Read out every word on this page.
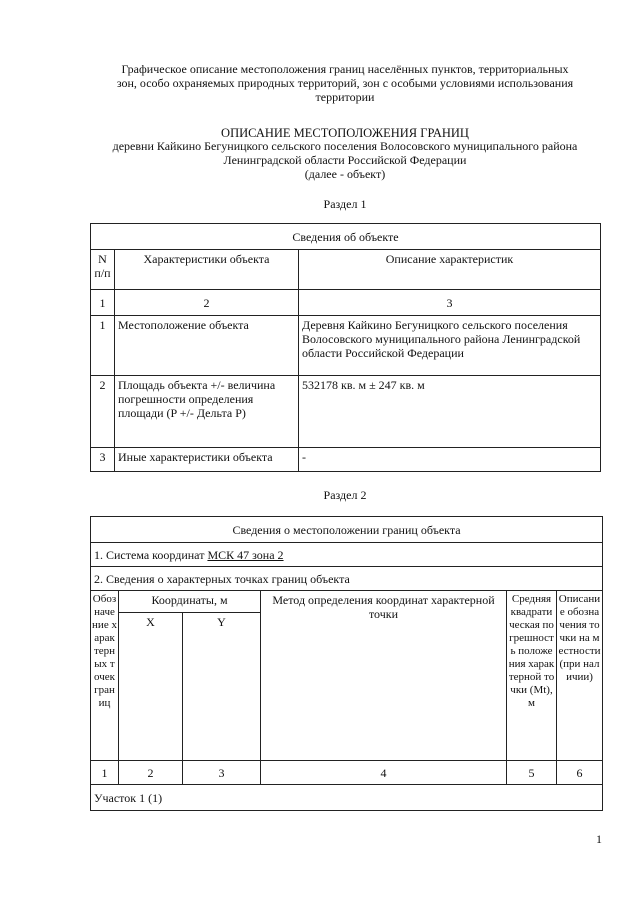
Графическое описание местоположения границ населённых пунктов, территориальных
зон, особо охраняемых природных территорий, зон с особыми условиями использования
территории
ОПИСАНИЕ МЕСТОПОЛОЖЕНИЯ ГРАНИЦ
деревни Кайкино Бегуницкого сельского поселения Волосовского муниципального района
Ленинградской области Российской Федерации
(далее - объект)
Раздел 1
Сведения об объекте		
N п/п	Характеристики объекта	Описание характеристик
1	2	3
1	Местоположение объекта	Деревня Кайкино Бегуницкого сельского поселения Волосовского муниципального района Ленинградской области Российской Федерации
2	Площадь объекта +/- величина погрешности определения площади (P +/- Дельта P)	532178 кв. м ± 247 кв. м
3	Иные характеристики объекта	-
Раздел 2
Сведения о местоположении границ объекта					
1. Система координат МСК 47 зона 2					
2. Сведения о характерных точках границ объекта					
Обозначение характерных точек границ	Координаты, м		Метод определения координат характерной точки	Средняя квадратическая погрешность положения характерной точки (Mt), м	Описание обозначения точки на местности (при наличии)
	X	Y			
1	2	3	4	5	6
Участок 1 (1)					
1
